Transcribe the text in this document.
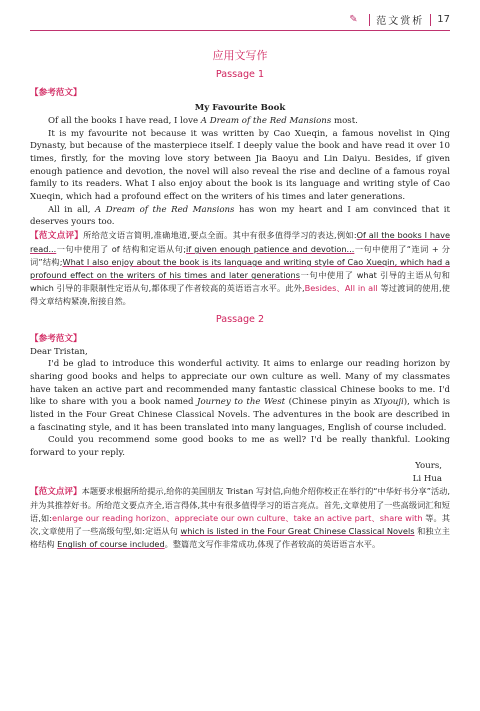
✎ 范文赏析 17
应用文写作
Passage 1
【参考范文】
My Favourite Book

Of all the books I have read, I love A Dream of the Red Mansions most.

It is my favourite not because it was written by Cao Xueqin, a famous novelist in Qing Dynasty, but because of the masterpiece itself. I deeply value the book and have read it over 10 times, firstly, for the moving love story between Jia Baoyu and Lin Daiyu. Besides, if given enough patience and devotion, the novel will also reveal the rise and decline of a famous royal family to its readers. What I also enjoy about the book is its language and writing style of Cao Xueqin, which had a profound effect on the writers of his times and later generations.

All in all, A Dream of the Red Mansions has won my heart and I am convinced that it deserves yours too.

【范文点评】所给范文语言简明,准确地道,要点全面。其中有很多值得学习的表达,例如:Of all the books I have read...一句中使用了 of 结构和定语从句;if given enough patience and devotion...一句中使用了“连词 + 分词”结构;What I also enjoy about the book is its language and writing style of Cao Xueqin, which had a profound effect on the writers of his times and later generations一句中使用了 what 引导的主语从句和 which 引导的非限制性定语从句,都体现了作者较高的英语语言水平。此外,Besides、All in all 等过渡词的使用,使得文章结构紧凑,衔接自然。

Passage 2
【参考范文】

Dear Tristan,

I'd be glad to introduce this wonderful activity. It aims to enlarge our reading horizon by sharing good books and helps to appreciate our own culture as well. Many of my classmates have taken an active part and recommended many fantastic classical Chinese books to me. I'd like to share with you a book named Journey to the West (Chinese pinyin as Xiyouji), which is listed in the Four Great Chinese Classical Novels. The adventures in the book are described in a fascinating style, and it has been translated into many languages, English of course included.

Could you recommend some good books to me as well? I'd be really thankful. Looking forward to your reply.

Yours,

Li Hua

【范文点评】本题要求根据所给提示,给你的美国朋友 Tristan 写封信,向他介绍你校正在举行的“中华好书分享”活动,并为其推荐好书。所给范文要点齐全,语言得体,其中有很多值得学习的语言亮点。首先,文章使用了一些高级词汇和短语,如:enlarge our reading horizon、appreciate our own culture、take an active part、share with 等。其次,文章使用了一些高级句型,如:定语从句 which is listed in the Four Great Chinese Classical Novels 和独立主格结构 English of course included。整篇范文写作非常成功,体现了作者较高的英语语言水平。
